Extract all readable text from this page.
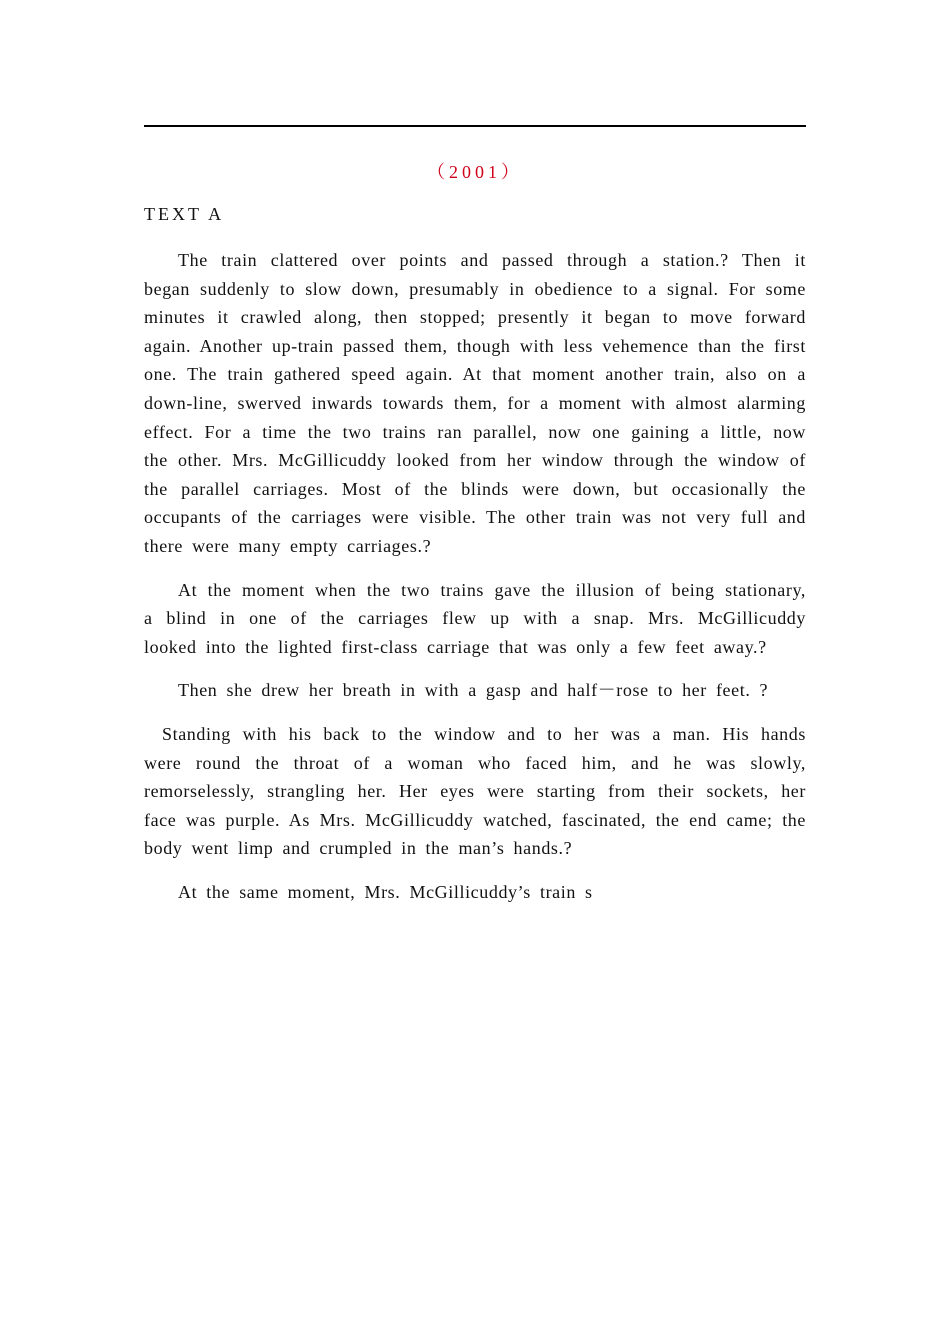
（2001）
TEXT A

The train clattered over points and passed through a station.? Then it began suddenly to slow down, presumably in obedience to a signal. For some minutes it crawled along, then stopped; presently it began to move forward again. Another up-train passed them, though with less vehemence than the first one. The train gathered speed again. At that moment another train, also on a down-line, swerved inwards towards them, for a moment with almost alarming effect. For a time the two trains ran parallel, now one gaining a little, now the other. Mrs. McGillicuddy looked from her window through the window of the parallel carriages. Most of the blinds were down, but occasionally the occupants of the carriages were visible. The other train was not very full and there were many empty carriages.?

At the moment when the two trains gave the illusion of being stationary, a blind in one of the carriages flew up with a snap. Mrs. McGillicuddy looked into the lighted first-class carriage that was only a few feet away.?

Then she drew her breath in with a gasp and half－rose to her feet. ?

Standing with his back to the window and to her was a man. His hands were round the throat of a woman who faced him, and he was slowly, remorselessly, strangling her. Her eyes were starting from their sockets, her face was purple. As Mrs. McGillicuddy watched, fascinated, the end came; the body went limp and crumpled in the man’s hands.?

At the same moment, Mrs. McGillicuddy’s train s
